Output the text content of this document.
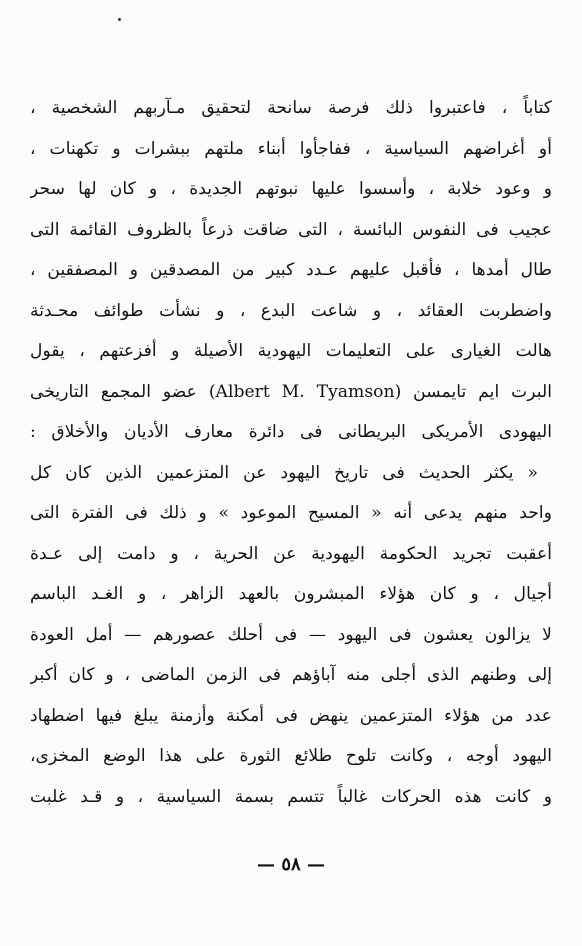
كتاباً ، فاعتبروا ذلك فرصة سانحة لتحقيق مـآربهم الشخصية ،
أو أغراضهم السياسية ، ففاجأوا أبناء ملتهم ببشرات و تكهنات ،
و وعود خلابة ، وأسسوا عليها نبوتهم الجديدة ، و كان لها سحر
عجيب فى النفوس البائسة ، التى ضاقت ذرعاً بالظروف القائمة التى
طال أمدها ، فأقبل عليهم عـدد كبير من المصدقين و المصفقين ،
واضطربت العقائد ، و شاعت البدع ، و نشأت طوائف محـدثة
هالت الغيارى على التعليمات اليهودية الأصيلة و أفزعتهم ، يقول
البرت ايم تايمسن (Albert M. Tyamson) عضو المجمع التاريخى
اليهودى الأمريكى البريطانى فى دائرة معارف الأديان والأخلاق :
« يكثر الحديث فى تاريخ اليهود عن المتزعمين الذين كان كل
واحد منهم يدعى أنه « المسيح الموعود » و ذلك فى الفترة التى
أعقبت تجريد الحكومة اليهودية عن الحرية ، و دامت إلى عـدة
أجيال ، و كان هؤلاء المبشرون بالعهد الزاهر ، و الغـد الباسم
لا يزالون يعشون فى اليهود — فى أحلك عصورهم — أمل العودة
إلى وطنهم الذى أجلى منه آباؤهم فى الزمن الماضى ، و كان أكبر
عدد من هؤلاء المتزعمين ينهض فى أمكنة وأزمنة يبلغ فيها اضطهاد
اليهود أوجه ، وكانت تلوح طلائع الثورة على هذا الوضع المخزى،
و كانت هذه الحركات غالباً تتسم بسمة السياسية ، و قـد غلبت
— ٥٨ —
